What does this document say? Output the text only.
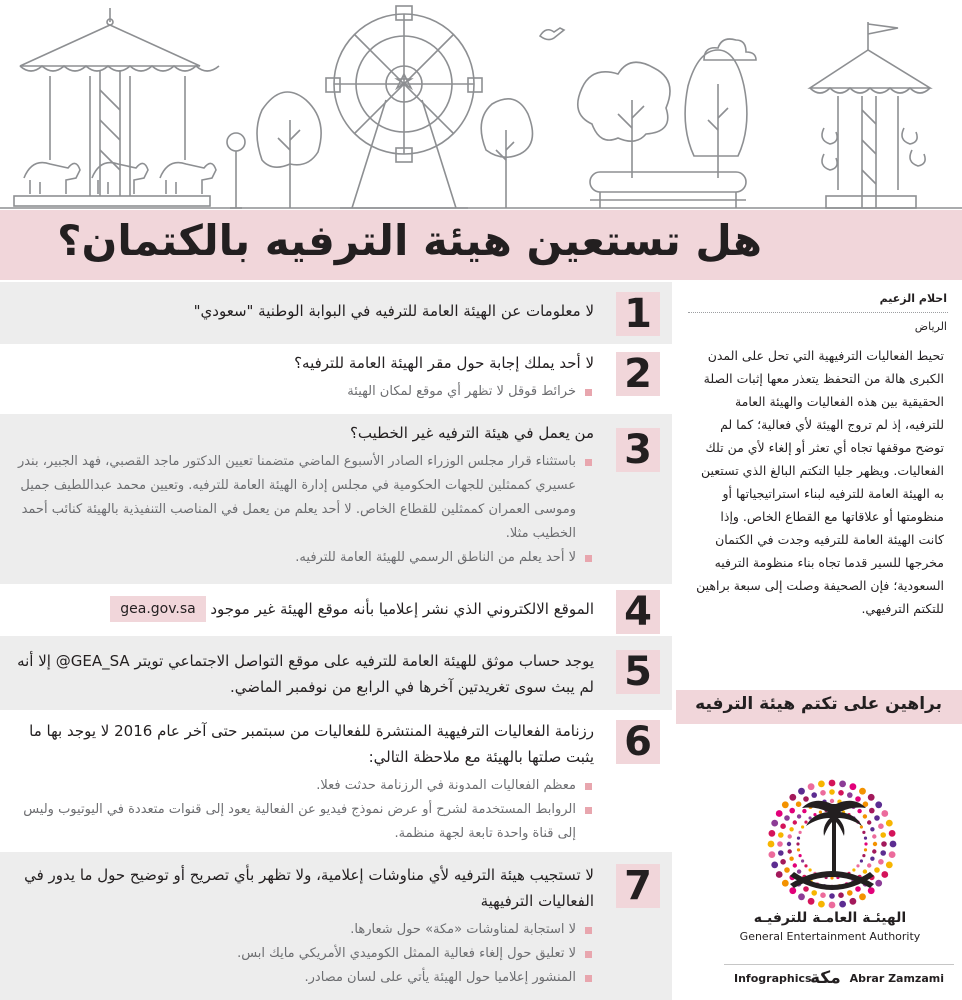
هل تستعين هيئة الترفيه بالكتمان؟
1
لا معلومات عن الهيئة العامة للترفيه في البوابة الوطنية "سعودي"
2
لا أحد يملك إجابة حول مقر الهيئة العامة للترفيه؟
خرائط قوقل لا تظهر أي موقع لمكان الهيئة
3
من يعمل في هيئة الترفيه غير الخطيب؟
باستثناء قرار مجلس الوزراء الصادر الأسبوع الماضي متضمنا تعيين الدكتور ماجد القصبي، فهد الجبير، بندر عسيري كممثلين للجهات الحكومية في مجلس إدارة الهيئة العامة للترفيه. وتعيين محمد عبداللطيف جميل وموسى العمران كممثلين للقطاع الخاص. لا أحد يعلم من يعمل في المناصب التنفيذية بالهيئة كنائب أحمد الخطيب مثلا.
لا أحد يعلم من الناطق الرسمي للهيئة العامة للترفيه.
4
الموقع الالكتروني الذي نشر إعلاميا بأنه موقع الهيئة غير موجود
gea.gov.sa
5
يوجد حساب موثق للهيئة العامة للترفيه على موقع التواصل الاجتماعي تويتر GEA_SA@ إلا أنه لم يبث سوى تغريدتين آخرها في الرابع من نوفمبر الماضي.
6
رزنامة الفعاليات الترفيهية المنتشرة للفعاليات من سبتمبر حتى آخر عام 2016 لا يوجد بها ما يثبت صلتها بالهيئة مع ملاحظة التالي:
معظم الفعاليات المدونة في الرزنامة حدثت فعلا.
الروابط المستخدمة لشرح أو عرض نموذج فيديو عن الفعالية يعود إلى قنوات متعددة في اليوتيوب وليس إلى قناة واحدة تابعة لجهة منظمة.
7
لا تستجيب هيئة الترفيه لأي مناوشات إعلامية، ولا تظهر بأي تصريح أو توضيح حول ما يدور في الفعاليات الترفيهية
لا استجابة لمناوشات «مكة» حول شعارها.
لا تعليق حول إلغاء فعالية الممثل الكوميدي الأمريكي مايك ابس.
المنشور إعلاميا حول الهيئة يأتي على لسان مصادر.
احلام الزعيم
الرياض
تحيط الفعاليات الترفيهية التي تحل على المدن الكبرى هالة من التحفظ يتعذر معها إثبات الصلة الحقيقية بين هذه الفعاليات والهيئة العامة للترفيه، إذ لم تروج الهيئة لأي فعالية؛ كما لم توضح موقفها تجاه أي تعثر أو إلغاء لأي من تلك الفعاليات. ويظهر جليا التكتم البالغ الذي تستعين به الهيئة العامة للترفيه لبناء استراتيجياتها أو منظومتها أو علاقاتها مع القطاع الخاص. وإذا كانت الهيئة العامة للترفيه وجدت في الكتمان مخرجها للسير قدما تجاه بناء منظومة الترفيه السعودية؛ فإن الصحيفة وصلت إلى سبعة براهين للتكتم الترفيهي.
براهين على تكتم هيئة الترفيه
الهيئـة العامـة للترفيـه
General Entertainment Authority
Infographics
مكة Abrar Zamzami
